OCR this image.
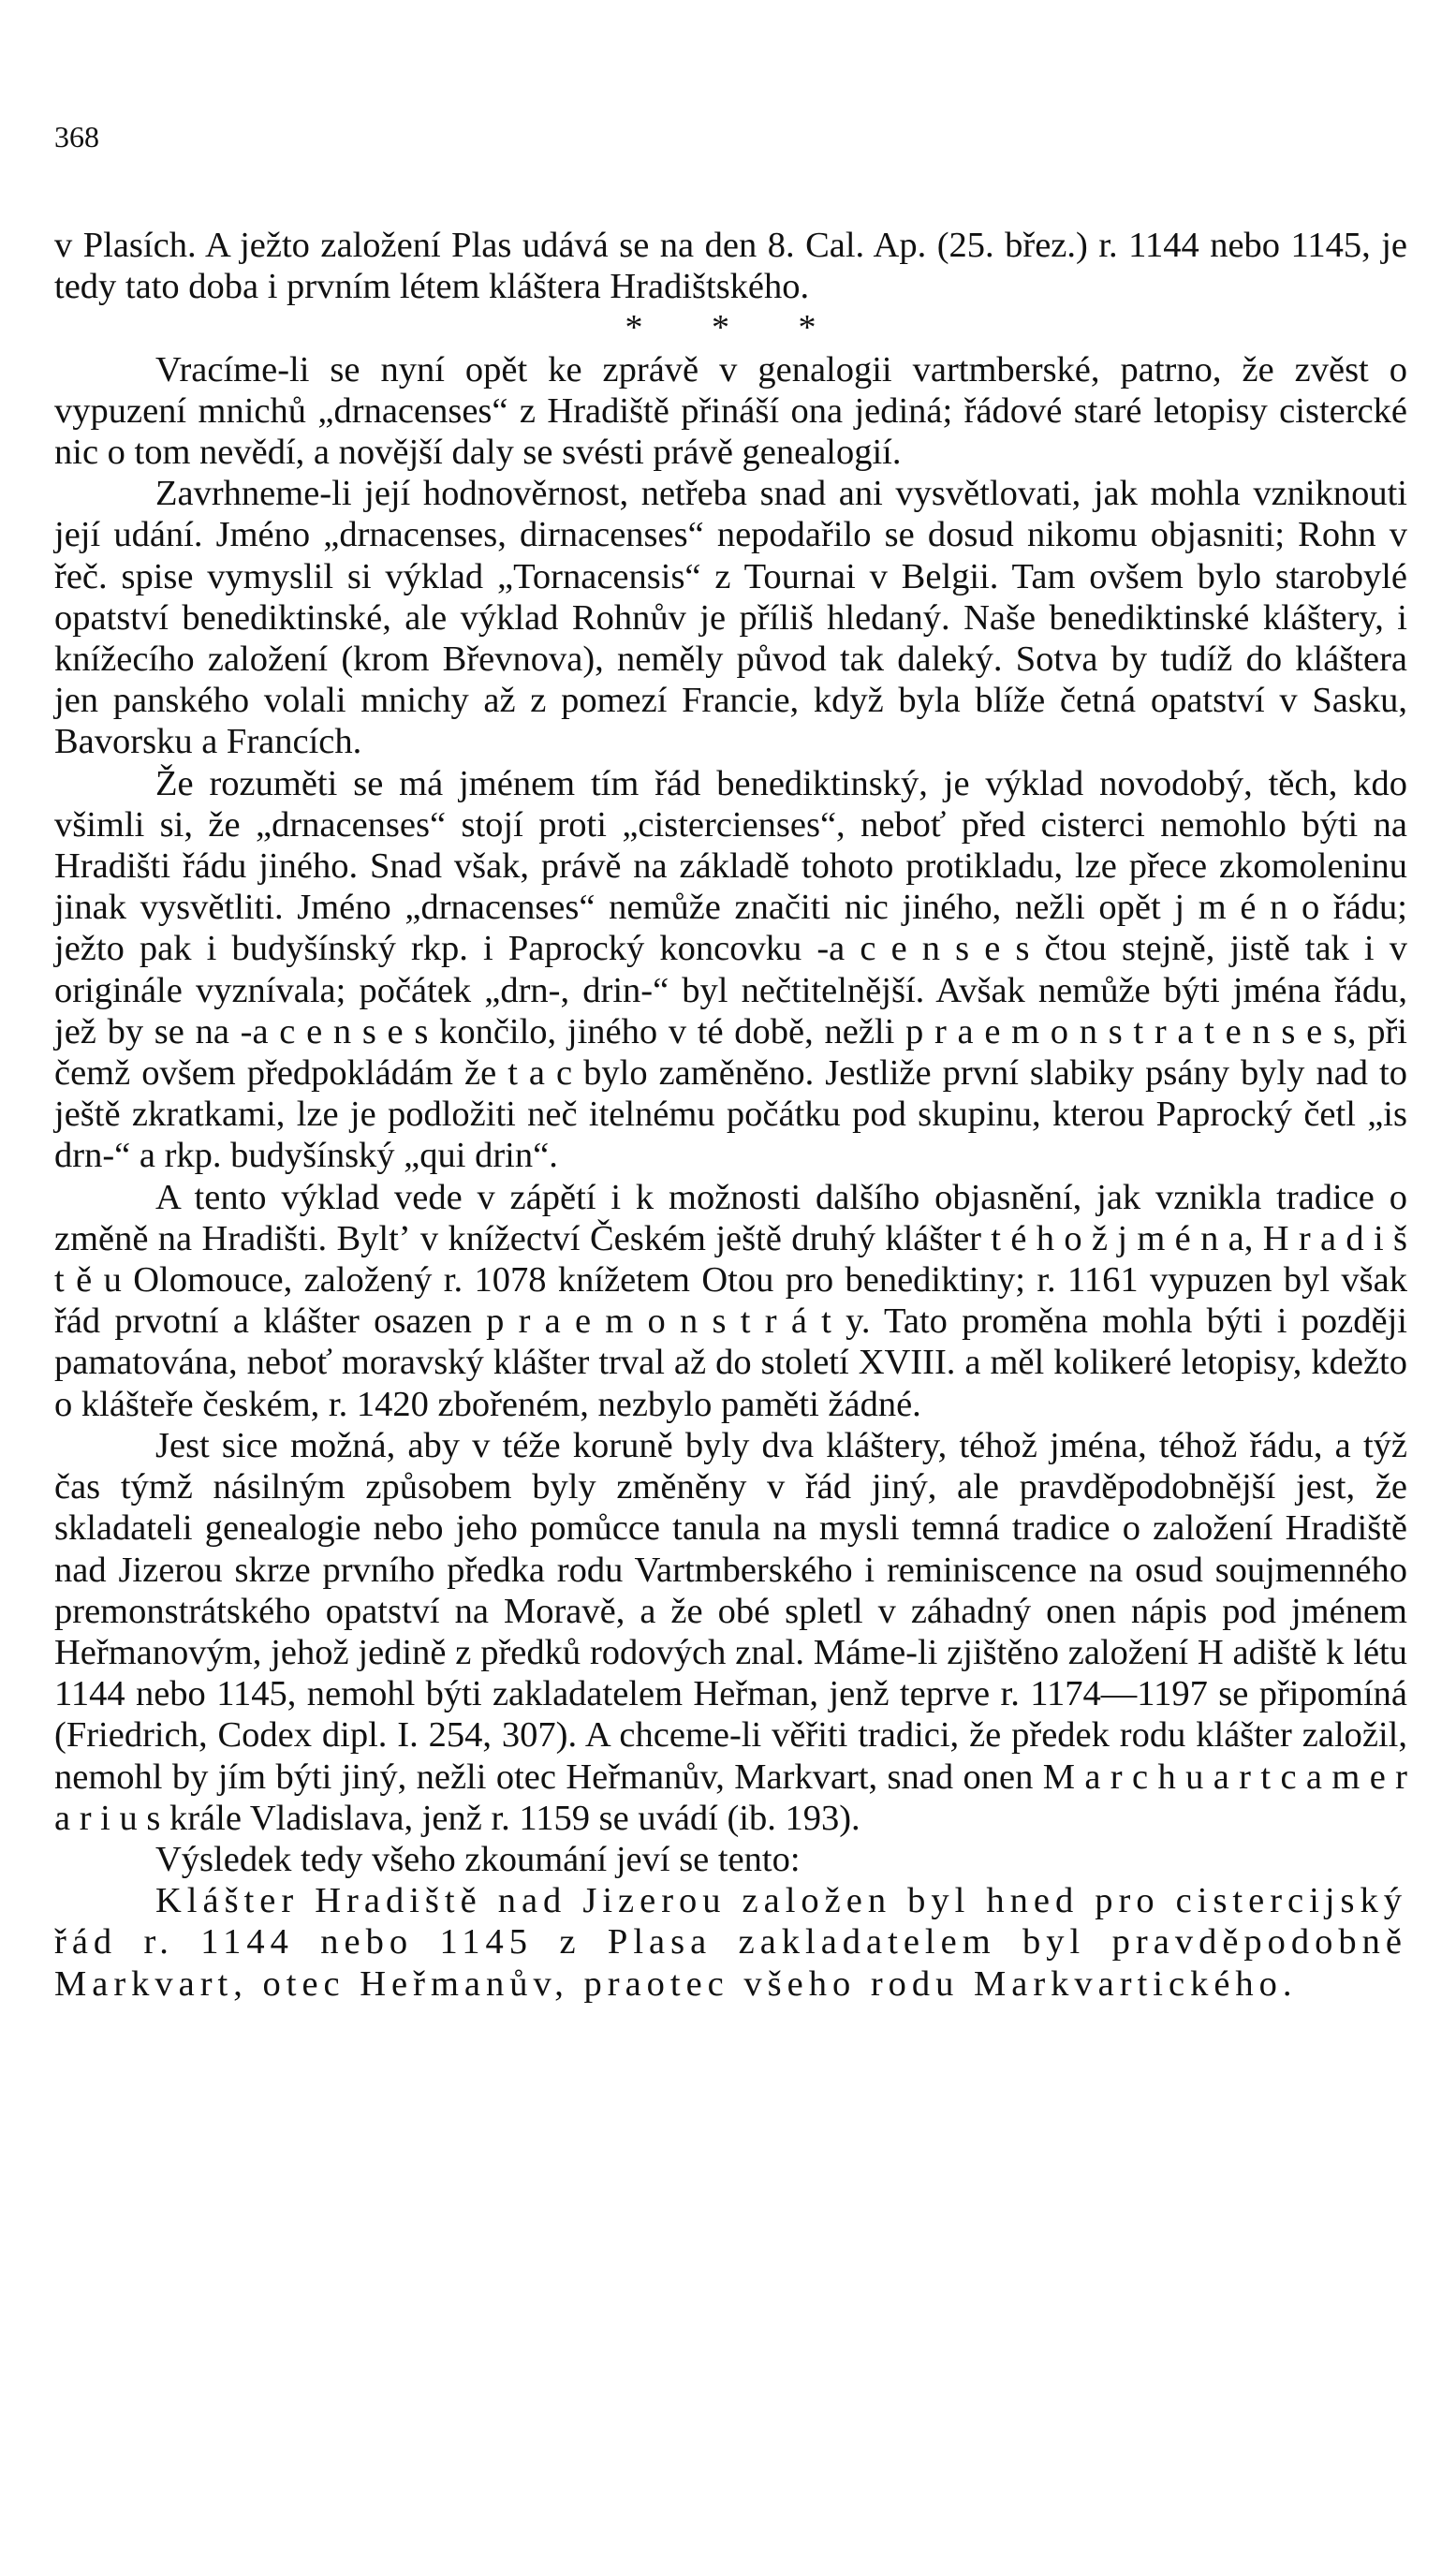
368

v Plasích. A ježto založení Plas udává se na den 8. Cal. Ap. (25. břez.) r. 1144 nebo 1145, je tedy tato doba i prvním létem kláštera Hradištského.

* * *

Vracíme-li se nyní opět ke zprávě v genalogii vartmberské, patrno, že zvěst o vypuzení mnichů „drnacenses“ z Hradiště přináší ona jediná; řádové staré letopisy cistercké nic o tom nevědí, a novější daly se svésti právě genealogií.

Zavrhneme-li její hodnověrnost, netřeba snad ani vysvětlovati, jak mohla vzniknouti její udání. Jméno „drnacenses, dirnacenses“ nepodařilo se dosud nikomu objasniti; Rohn v řeč. spise vymyslil si výklad „Tornacensis“ z Tournai v Belgii. Tam ovšem bylo starobylé opatství benediktinské, ale výklad Rohnův je příliš hledaný. Naše benediktinské kláštery, i knížecího založení (krom Břevnova), neměly původ tak daleký. Sotva by tudíž do kláštera jen panského volali mnichy až z pomezí Francie, když byla blíže četná opatství v Sasku, Bavorsku a Francích.

Že rozuměti se má jménem tím řád benediktinský, je výklad novodobý, těch, kdo všimli si, že „drnacenses“ stojí proti „cistercienses“, neboť před cisterci nemohlo býti na Hradišti řádu jiného. Snad však, právě na základě tohoto protikladu, lze přece zkomoleninu jinak vysvětliti. Jméno „drnacenses“ nemůže značiti nic jiného, nežli opět j m é n o řádu; ježto pak i budyšínský rkp. i Paprocký koncovku -a c e n s e s čtou stejně, jistě tak i v originále vyznívala; počátek „drn-, drin-“ byl nečtitelnější. Avšak nemůže býti jména řádu, jež by se na -a c e n s e s končilo, jiného v té době, nežli p r a e m o n s t r a t e n s e s, při čemž ovšem předpokládám že t a c bylo zaměněno. Jestliže první slabiky psány byly nad to ještě zkratkami, lze je podložiti neč itelnému počátku pod skupinu, kterou Paprocký četl „is drn-“ a rkp. budyšínský „qui drin“.

A tento výklad vede v zápětí i k možnosti dalšího objasnění, jak vznikla tradice o změně na Hradišti. Byltʼ v knížectví Českém ještě druhý klášter t é h o ž j m é n a, H r a d i š t ě u Olomouce, založený r. 1078 knížetem Otou pro benediktiny; r. 1161 vypuzen byl však řád prvotní a klášter osazen p r a e m o n s t r á t y. Tato proměna mohla býti i později pamatována, neboť moravský klášter trval až do století XVIII. a měl kolikeré letopisy, kdežto o klášteře českém, r. 1420 zbořeném, nezbylo paměti žádné.

Jest sice možná, aby v téže koruně byly dva kláštery, téhož jména, téhož řádu, a týž čas týmž násilným způsobem byly změněny v řád jiný, ale pravděpodobnější jest, že skladateli genealogie nebo jeho pomůcce tanula na mysli temná tradice o založení Hradiště nad Jizerou skrze prvního předka rodu Vartmberského i reminiscence na osud soujmenného premonstrátského opatství na Moravě, a že obé spletl v záhadný onen nápis pod jménem Heřmanovým, jehož jedině z předků rodových znal. Máme-li zjištěno založení H adiště k létu 1144 nebo 1145, nemohl býti zakladatelem Heřman, jenž teprve r. 1174—1197 se připomíná (Friedrich, Codex dipl. I. 254, 307). A chceme-li věřiti tradici, že předek rodu klášter založil, nemohl by jím býti jiný, nežli otec Heřmanův, Markvart, snad onen M a r c h u a r t c a m e r a r i u s krále Vladislava, jenž r. 1159 se uvádí (ib. 193).

Výsledek tedy všeho zkoumání jeví se tento:

Klášter Hradiště nad Jizerou založen byl hned pro cistercijský řád r. 1144 nebo 1145 z Plasa zakladatelem byl pravděpodobně Markvart, otec Heřmanův, praotec všeho rodu Markvartického.
